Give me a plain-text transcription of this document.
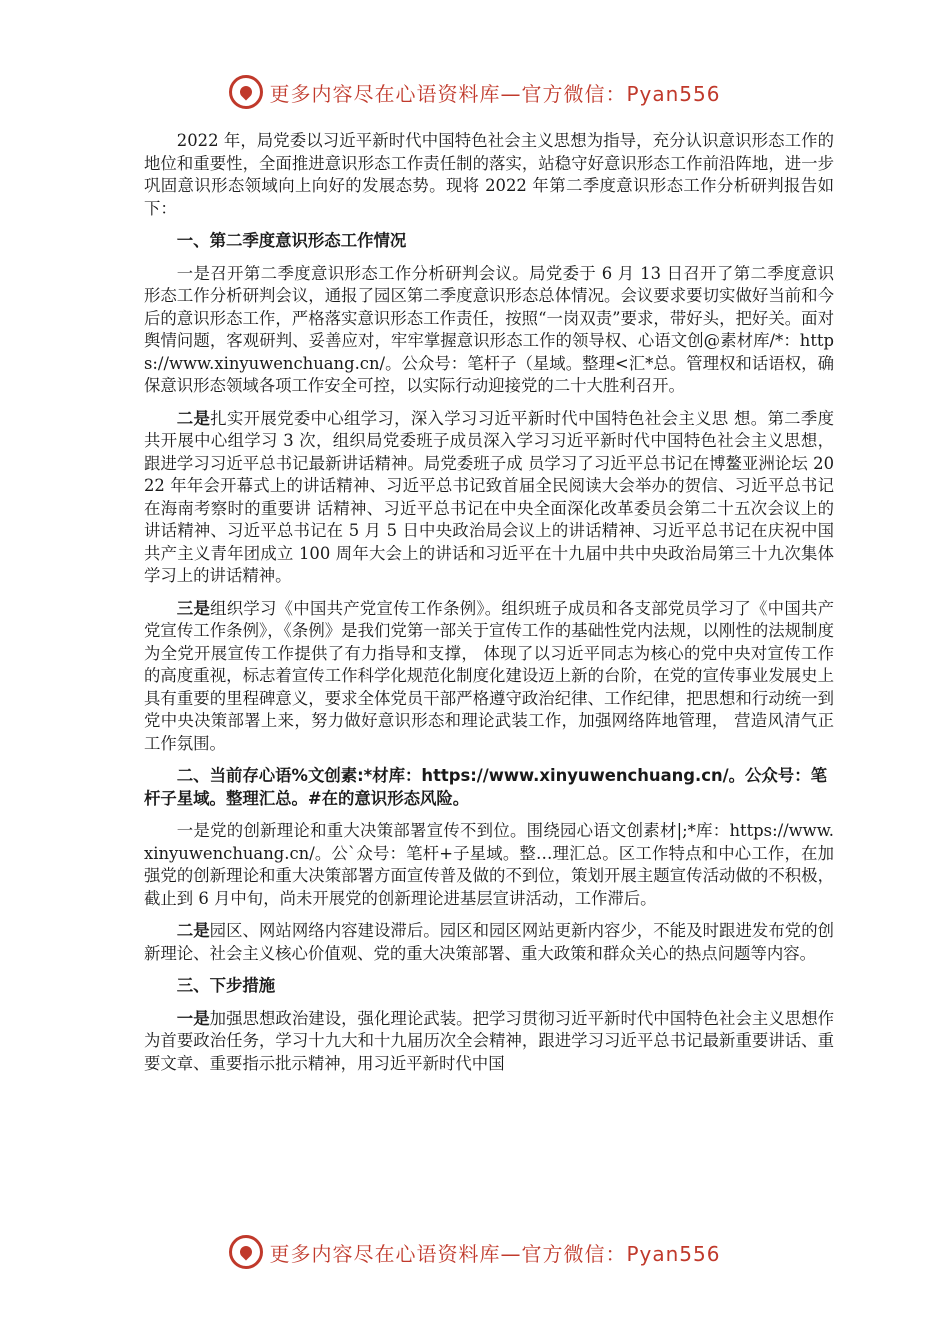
更多内容尽在心语资料库—官方微信：Pyan556

2022 年，局党委以习近平新时代中国特色社会主义思想为指导，充分认识意识形态工作的地位和重要性，全面推进意识形态工作责任制的落实，站稳守好意识形态工作前沿阵地，进一步巩固意识形态领域向上向好的发展态势。现将 2022 年第二季度意识形态工作分析研判报告如下：

一、第二季度意识形态工作情况

一是召开第二季度意识形态工作分析研判会议。局党委于 6 月 13 日召开了第二季度意识形态工作分析研判会议，通报了园区第二季度意识形态总体情况。会议要求要切实做好当前和今后的意识形态工作，严格落实意识形态工作责任，按照“一岗双责”要求，带好头，把好关。面对舆情问题，客观研判、妥善应对，牢牢掌握意识形态工作的领导权、心语文创@素材库/*：https://www.xinyuwenchuang.cn/。公众号：笔杆子（星域。整理<汇*总。管理权和话语权，确保意识形态领域各项工作安全可控，以实际行动迎接党的二十大胜利召开。

二是扎实开展党委中心组学习，深入学习习近平新时代中国特色社会主义思 想。第二季度共开展中心组学习 3 次，组织局党委班子成员深入学习习近平新时代中国特色社会主义思想，跟进学习习近平总书记最新讲话精神。局党委班子成 员学习了习近平总书记在博鳌亚洲论坛 2022 年年会开幕式上的讲话精神、习近平总书记致首届全民阅读大会举办的贺信、习近平总书记在海南考察时的重要讲 话精神、习近平总书记在中央全面深化改革委员会第二十五次会议上的讲话精神、习近平总书记在 5 月 5 日中央政治局会议上的讲话精神、习近平总书记在庆祝中国共产主义青年团成立 100 周年大会上的讲话和习近平在十九届中共中央政治局第三十九次集体学习上的讲话精神。

三是组织学习《中国共产党宣传工作条例》。组织班子成员和各支部党员学习了《中国共产党宣传工作条例》，《条例》是我们党第一部关于宣传工作的基础性党内法规，以刚性的法规制度为全党开展宣传工作提供了有力指导和支撑， 体现了以习近平同志为核心的党中央对宣传工作的高度重视，标志着宣传工作科学化规范化制度化建设迈上新的台阶，在党的宣传事业发展史上具有重要的里程碑意义，要求全体党员干部严格遵守政治纪律、工作纪律，把思想和行动统一到党中央决策部署上来，努力做好意识形态和理论武装工作，加强网络阵地管理， 营造风清气正工作氛围。

二、当前存心语%文创素:*材库：https://www.xinyuwenchuang.cn/。公众号：笔杆子星域。整理汇总。#在的意识形态风险。

一是党的创新理论和重大决策部署宣传不到位。围绕园心语文创素材|;*库：https://www.xinyuwenchuang.cn/。公`众号：笔杆+子星域。整…理汇总。区工作特点和中心工作，在加强党的创新理论和重大决策部署方面宣传普及做的不到位，策划开展主题宣传活动做的不积极，截止到 6 月中旬，尚未开展党的创新理论进基层宣讲活动，工作滞后。

二是园区、网站网络内容建设滞后。园区和园区网站更新内容少，不能及时跟进发布党的创新理论、社会主义核心价值观、党的重大决策部署、重大政策和群众关心的热点问题等内容。

三、下步措施

一是加强思想政治建设，强化理论武装。把学习贯彻习近平新时代中国特色社会主义思想作为首要政治任务，学习十九大和十九届历次全会精神，跟进学习习近平总书记最新重要讲话、重要文章、重要指示批示精神，用习近平新时代中国

更多内容尽在心语资料库—官方微信：Pyan556
